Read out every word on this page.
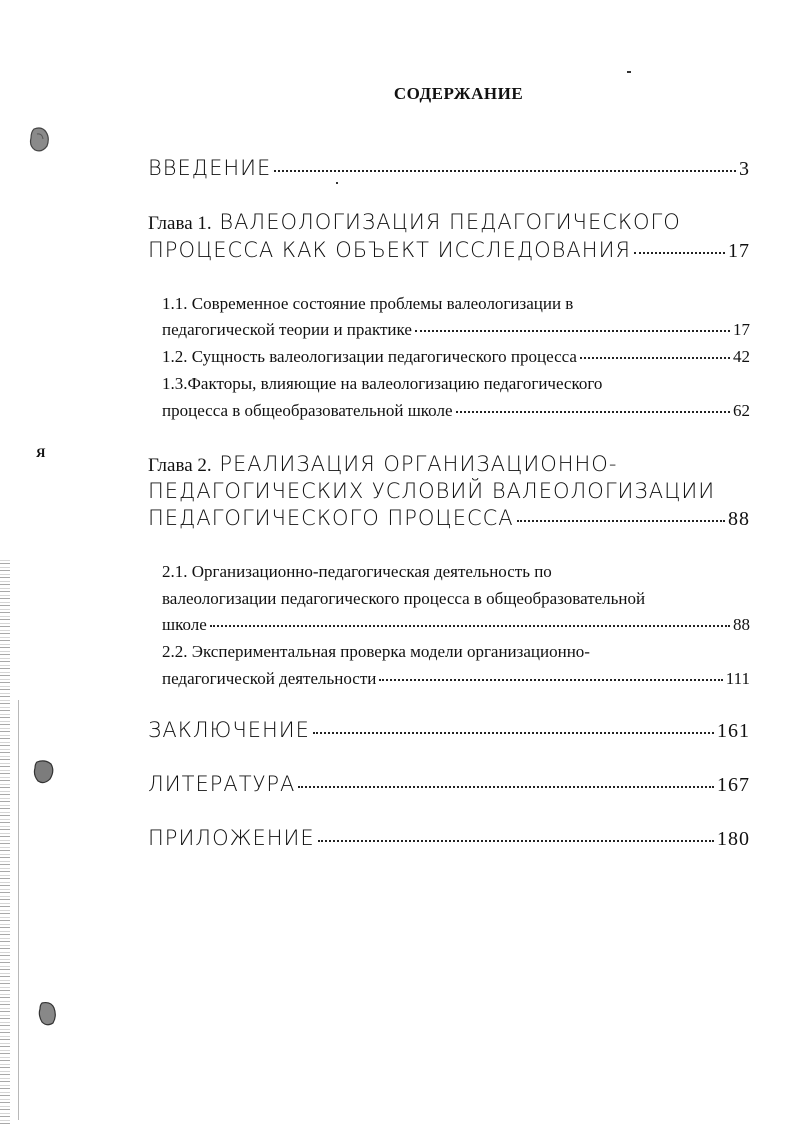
Я
СОДЕРЖАНИЕ
ВВЕДЕНИЕ	3
Глава 1. ВАЛЕОЛОГИЗАЦИЯ ПЕДАГОГИЧЕСКОГО
ПРОЦЕССА КАК ОБЪЕКТ ИССЛЕДОВАНИЯ	17
1.1. Современное состояние проблемы валеологизации в
педагогической теории и практике	17
1.2. Сущность валеологизации педагогического процесса	42
1.3.Факторы, влияющие на валеологизацию педагогического
процесса в общеобразовательной школе	62
Глава 2. РЕАЛИЗАЦИЯ ОРГАНИЗАЦИОННО-
ПЕДАГОГИЧЕСКИХ УСЛОВИЙ ВАЛЕОЛОГИЗАЦИИ
ПЕДАГОГИЧЕСКОГО ПРОЦЕССА	88
2.1. Организационно-педагогическая деятельность по
валеологизации педагогического процесса в общеобразовательной
школе	88
2.2. Экспериментальная проверка модели организационно-
педагогической деятельности	111
ЗАКЛЮЧЕНИЕ	161
ЛИТЕРАТУРА	167
ПРИЛОЖЕНИЕ	180
